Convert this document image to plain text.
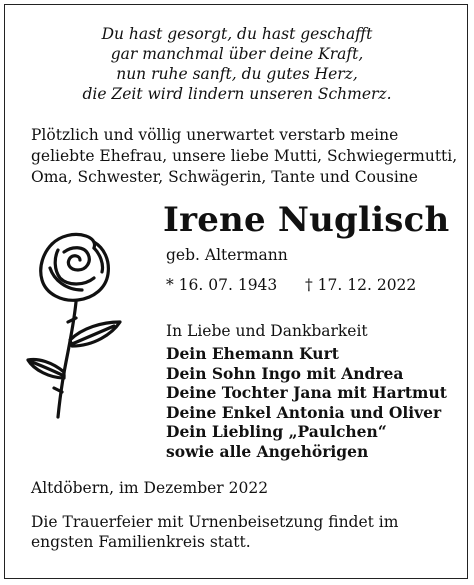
Du hast gesorgt, du hast geschafft
gar manchmal über deine Kraft,
nun ruhe sanft, du gutes Herz,
die Zeit wird lindern unseren Schmerz.
Plötzlich und völlig unerwartet verstarb meine
geliebte Ehefrau, unsere liebe Mutti, Schwiegermutti,
Oma, Schwester, Schwägerin, Tante und Cousine
Irene Nuglisch
geb. Altermann
* 16. 07. 1943 † 17. 12. 2022
In Liebe und Dankbarkeit
Dein Ehemann Kurt
Dein Sohn Ingo mit Andrea
Deine Tochter Jana mit Hartmut
Deine Enkel Antonia und Oliver
Dein Liebling „Paulchen“
sowie alle Angehörigen
Altdöbern, im Dezember 2022
Die Trauerfeier mit Urnenbeisetzung findet im
engsten Familienkreis statt.
